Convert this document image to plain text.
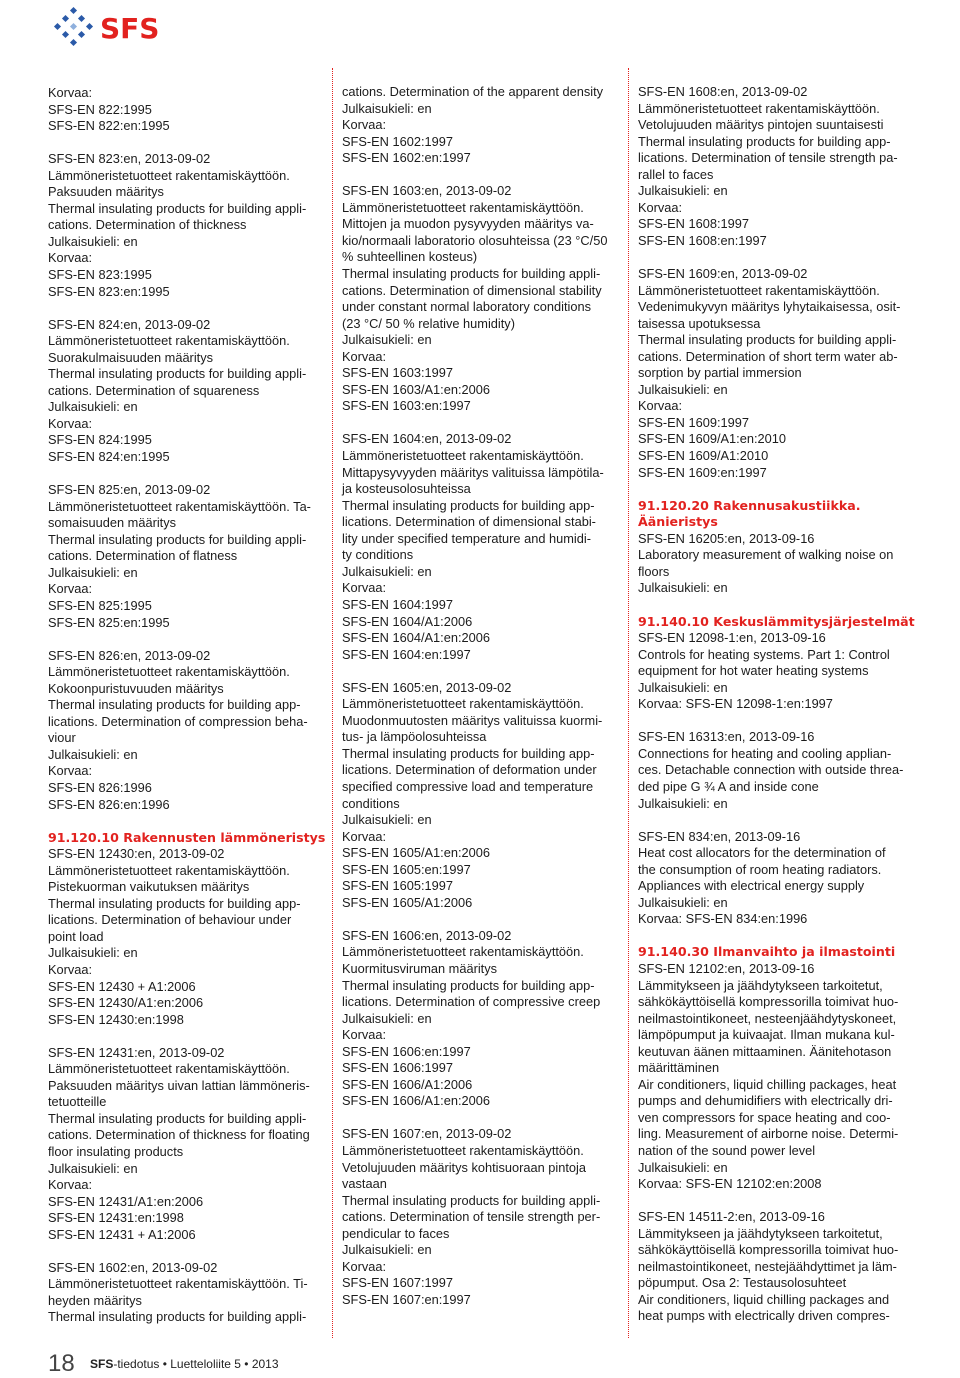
SFS
Korvaa:
SFS-EN 822:1995
SFS-EN 822:en:1995
SFS-EN 823:en, 2013-09-02
Lämmöneristetuotteet rakentamiskäyttöön.
Paksuuden määritys
Thermal insulating products for building appli-
cations. Determination of thickness
Julkaisukieli: en
Korvaa:
SFS-EN 823:1995
SFS-EN 823:en:1995
SFS-EN 824:en, 2013-09-02
Lämmöneristetuotteet rakentamiskäyttöön.
Suorakulmaisuuden määritys
Thermal insulating products for building appli-
cations. Determination of squareness
Julkaisukieli: en
Korvaa:
SFS-EN 824:1995
SFS-EN 824:en:1995
SFS-EN 825:en, 2013-09-02
Lämmöneristetuotteet rakentamiskäyttöön. Ta-
somaisuuden määritys
Thermal insulating products for building appli-
cations. Determination of flatness
Julkaisukieli: en
Korvaa:
SFS-EN 825:1995
SFS-EN 825:en:1995
SFS-EN 826:en, 2013-09-02
Lämmöneristetuotteet rakentamiskäyttöön.
Kokoonpuristuvuuden määritys
Thermal insulating products for building app-
lications. Determination of compression beha-
viour
Julkaisukieli: en
Korvaa:
SFS-EN 826:1996
SFS-EN 826:en:1996
91.120.10 Rakennusten lämmöneristys
SFS-EN 12430:en, 2013-09-02
Lämmöneristetuotteet rakentamiskäyttöön.
Pistekuorman vaikutuksen määritys
Thermal insulating products for building app-
lications. Determination of behaviour under
point load
Julkaisukieli: en
Korvaa:
SFS-EN 12430 + A1:2006
SFS-EN 12430/A1:en:2006
SFS-EN 12430:en:1998
SFS-EN 12431:en, 2013-09-02
Lämmöneristetuotteet rakentamiskäyttöön.
Paksuuden määritys uivan lattian lämmöneris-
tetuotteille
Thermal insulating products for building appli-
cations. Determination of thickness for floating
floor insulating products
Julkaisukieli: en
Korvaa:
SFS-EN 12431/A1:en:2006
SFS-EN 12431:en:1998
SFS-EN 12431 + A1:2006
SFS-EN 1602:en, 2013-09-02
Lämmöneristetuotteet rakentamiskäyttöön. Ti-
heyden määritys
Thermal insulating products for building appli-
cations. Determination of the apparent density
Julkaisukieli: en
Korvaa:
SFS-EN 1602:1997
SFS-EN 1602:en:1997
SFS-EN 1603:en, 2013-09-02
Lämmöneristetuotteet rakentamiskäyttöön.
Mittojen ja muodon pysyvyyden määritys va-
kio/normaali laboratorio olosuhteissa (23 °C/50
% suhteellinen kosteus)
Thermal insulating products for building appli-
cations. Determination of dimensional stability
under constant normal laboratory conditions
(23 °C/ 50 % relative humidity)
Julkaisukieli: en
Korvaa:
SFS-EN 1603:1997
SFS-EN 1603/A1:en:2006
SFS-EN 1603:en:1997
SFS-EN 1604:en, 2013-09-02
Lämmöneristetuotteet rakentamiskäyttöön.
Mittapysyvyyden määritys valituissa lämpötila-
ja kosteusolosuhteissa
Thermal insulating products for building app-
lications. Determination of dimensional stabi-
lity under specified temperature and humidi-
ty conditions
Julkaisukieli: en
Korvaa:
SFS-EN 1604:1997
SFS-EN 1604/A1:2006
SFS-EN 1604/A1:en:2006
SFS-EN 1604:en:1997
SFS-EN 1605:en, 2013-09-02
Lämmöneristetuotteet rakentamiskäyttöön.
Muodonmuutosten määritys valituissa kuormi-
tus- ja lämpöolosuhteissa
Thermal insulating products for building app-
lications. Determination of deformation under
specified compressive load and temperature
conditions
Julkaisukieli: en
Korvaa:
SFS-EN 1605/A1:en:2006
SFS-EN 1605:en:1997
SFS-EN 1605:1997
SFS-EN 1605/A1:2006
SFS-EN 1606:en, 2013-09-02
Lämmöneristetuotteet rakentamiskäyttöön.
Kuormitusviruman määritys
Thermal insulating products for building app-
lications. Determination of compressive creep
Julkaisukieli: en
Korvaa:
SFS-EN 1606:en:1997
SFS-EN 1606:1997
SFS-EN 1606/A1:2006
SFS-EN 1606/A1:en:2006
SFS-EN 1607:en, 2013-09-02
Lämmöneristetuotteet rakentamiskäyttöön.
Vetolujuuden määritys kohtisuoraan pintoja
vastaan
Thermal insulating products for building appli-
cations. Determination of tensile strength per-
pendicular to faces
Julkaisukieli: en
Korvaa:
SFS-EN 1607:1997
SFS-EN 1607:en:1997
SFS-EN 1608:en, 2013-09-02
Lämmöneristetuotteet rakentamiskäyttöön.
Vetolujuuden määritys pintojen suuntaisesti
Thermal insulating products for building app-
lications. Determination of tensile strength pa-
rallel to faces
Julkaisukieli: en
Korvaa:
SFS-EN 1608:1997
SFS-EN 1608:en:1997
SFS-EN 1609:en, 2013-09-02
Lämmöneristetuotteet rakentamiskäyttöön.
Vedenimukyvyn määritys lyhytaikaisessa, osit-
taisessa upotuksessa
Thermal insulating products for building appli-
cations. Determination of short term water ab-
sorption by partial immersion
Julkaisukieli: en
Korvaa:
SFS-EN 1609:1997
SFS-EN 1609/A1:en:2010
SFS-EN 1609/A1:2010
SFS-EN 1609:en:1997
91.120.20 Rakennusakustiikka.
Äänieristys
SFS-EN 16205:en, 2013-09-16
Laboratory measurement of walking noise on
floors
Julkaisukieli: en
91.140.10 Keskuslämmitysjärjestelmät
SFS-EN 12098-1:en, 2013-09-16
Controls for heating systems. Part 1: Control
equipment for hot water heating systems
Julkaisukieli: en
Korvaa: SFS-EN 12098-1:en:1997
SFS-EN 16313:en, 2013-09-16
Connections for heating and cooling applian-
ces. Detachable connection with outside threa-
ded pipe G ¾ A and inside cone
Julkaisukieli: en
SFS-EN 834:en, 2013-09-16
Heat cost allocators for the determination of
the consumption of room heating radiators.
Appliances with electrical energy supply
Julkaisukieli: en
Korvaa: SFS-EN 834:en:1996
91.140.30 Ilmanvaihto ja ilmastointi
SFS-EN 12102:en, 2013-09-16
Lämmitykseen ja jäähdytykseen tarkoitetut,
sähkökäyttöisellä kompressorilla toimivat huo-
neilmastointikoneet, nesteenjäähdytyskoneet,
lämpöpumput ja kuivaajat. Ilman mukana kul-
keutuvan äänen mittaaminen. Äänitehotason
määrittäminen
Air conditioners, liquid chilling packages, heat
pumps and dehumidifiers with electrically dri-
ven compressors for space heating and coo-
ling. Measurement of airborne noise. Determi-
nation of the sound power level
Julkaisukieli: en
Korvaa: SFS-EN 12102:en:2008
SFS-EN 14511-2:en, 2013-09-16
Lämmitykseen ja jäähdytykseen tarkoitetut,
sähkökäyttöisellä kompressorilla toimivat huo-
neilmastointikoneet, nestejäähdyttimet ja läm-
pöpumput. Osa 2: Testausolosuhteet
Air conditioners, liquid chilling packages and
heat pumps with electrically driven compres-
18	SFS-tiedotus • Luetteloliite 5 • 2013
